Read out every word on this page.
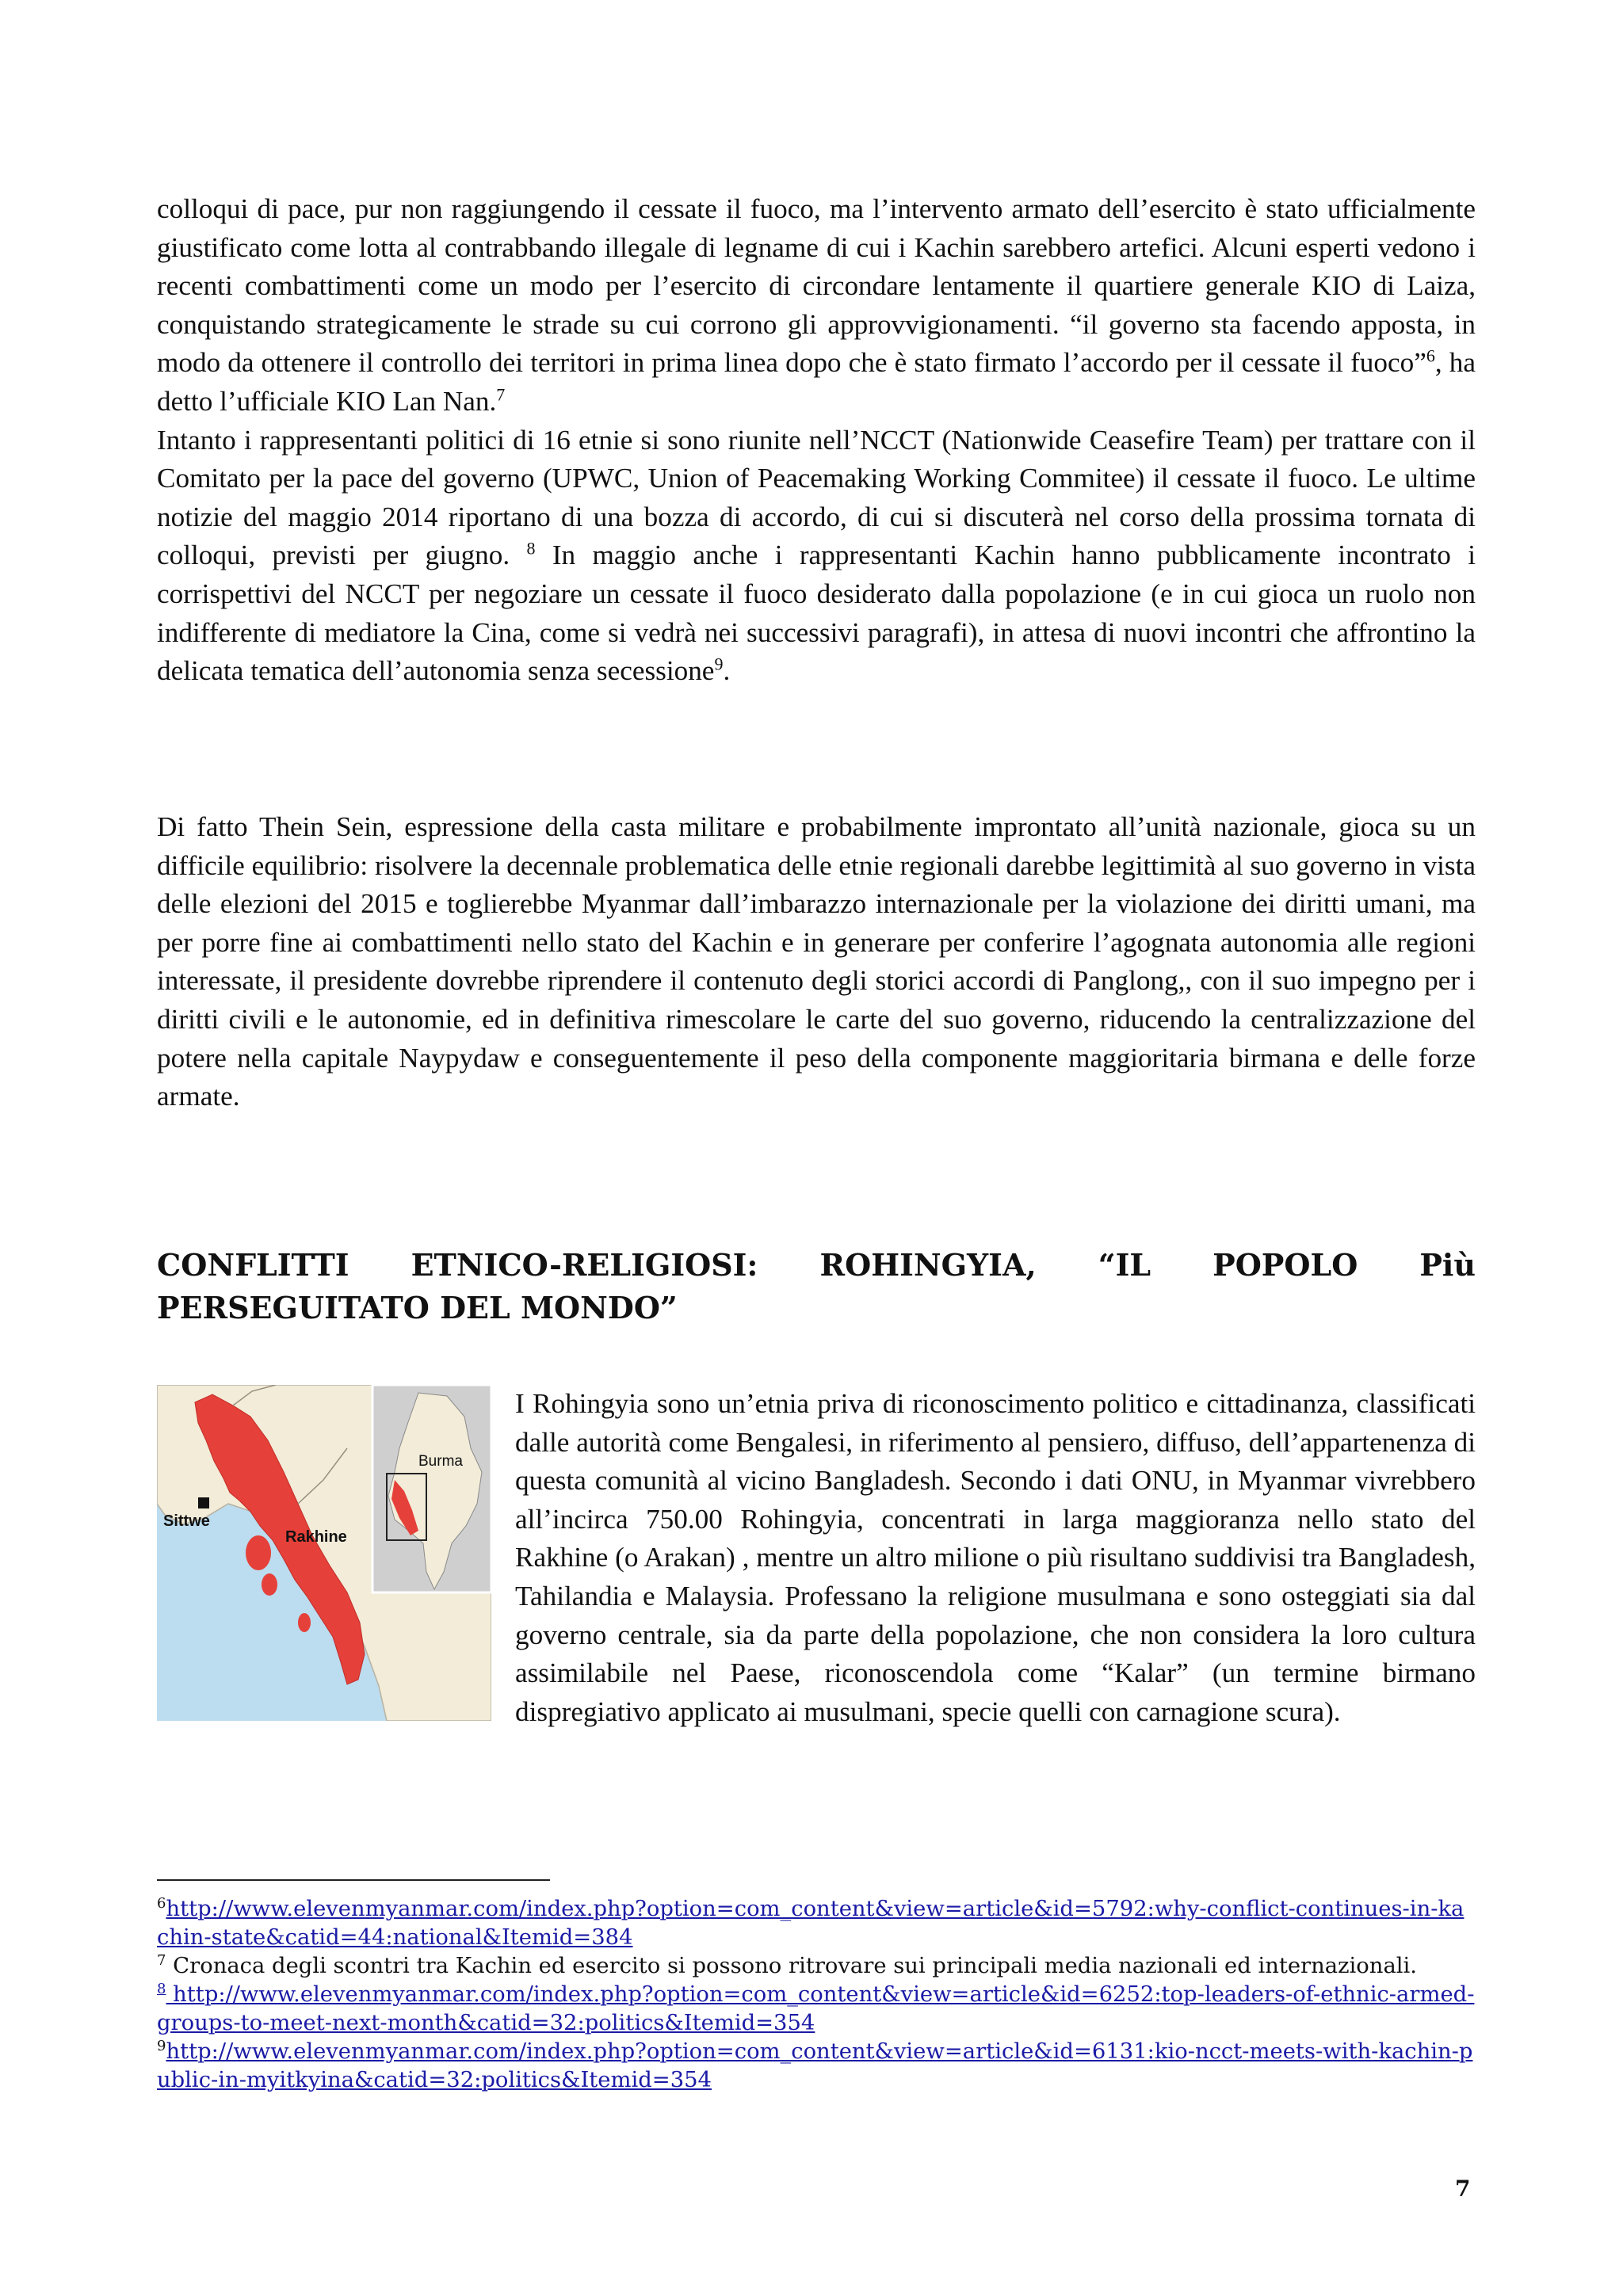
colloqui di pace, pur non raggiungendo il cessate il fuoco, ma l’intervento armato dell’esercito è stato ufficialmente giustificato come lotta al contrabbando illegale di legname di cui i Kachin sarebbero artefici. Alcuni esperti vedono i recenti combattimenti come un modo per l’esercito di circondare lentamente il quartiere generale KIO di Laiza, conquistando strategicamente le strade su cui corrono gli approvvigionamenti. “il governo sta facendo apposta, in modo da ottenere il controllo dei territori in prima linea dopo che è stato firmato l’accordo per il cessate il fuoco”$^6$, ha detto l’ufficiale KIO Lan Nan.$^7$
Intanto i rappresentanti politici di 16 etnie si sono riunite nell’NCCT (Nationwide Ceasefire Team) per trattare con il Comitato per la pace del governo (UPWC, Union of Peacemaking Working Commitee) il cessate il fuoco. Le ultime notizie del maggio 2014 riportano di una bozza di accordo, di cui si discuterà nel corso della prossima tornata di colloqui, previsti per giugno. $^8$ In maggio anche i rappresentanti Kachin hanno pubblicamente incontrato i corrispettivi del NCCT per negoziare un cessate il fuoco desiderato dalla popolazione (e in cui gioca un ruolo non indifferente di mediatore la Cina, come si vedrà nei successivi paragrafi), in attesa di nuovi incontri che affrontino la delicata tematica dell’autonomia senza secessione$^9$.

Di fatto Thein Sein, espressione della casta militare e probabilmente improntato all’unità nazionale, gioca su un difficile equilibrio: risolvere la decennale problematica delle etnie regionali darebbe legittimità al suo governo in vista delle elezioni del 2015 e toglierebbe Myanmar dall’imbarazzo internazionale per la violazione dei diritti umani, ma per porre fine ai combattimenti nello stato del Kachin e in generare per conferire l’agognata autonomia alle regioni interessate, il presidente dovrebbe riprendere il contenuto degli storici accordi di Panglong,, con il suo impegno per i diritti civili e le autonomie, ed in definitiva rimescolare le carte del suo governo, riducendo la centralizzazione del potere nella capitale Naypydaw e conseguentemente il peso della componente maggioritaria birmana e delle forze armate.

CONFLITTI ETNICO-RELIGIOSI: ROHINGYIA, “IL POPOLO Più PERSEGUITATO DEL MONDO”
Burma
Sittwe
Rakhine

I Rohingyia sono un’etnia priva di riconoscimento politico e cittadinanza, classificati dalle autorità come Bengalesi, in riferimento al pensiero, diffuso, dell’appartenenza di questa comunità al vicino Bangladesh. Secondo i dati ONU, in Myanmar vivrebbero all’incirca 750.00 Rohingyia, concentrati in larga maggioranza nello stato del Rakhine (o Arakan) , mentre un altro milione o più risultano suddivisi tra Bangladesh, Tahilandia e Malaysia. Professano la religione musulmana e sono osteggiati sia dal governo centrale, sia da parte della popolazione, che non considera la loro cultura assimilabile nel Paese, riconoscendola come “Kalar” (un termine birmano dispregiativo applicato ai musulmani, specie quelli con carnagione scura).

$^6$http://www.elevenmyanmar.com/index.php?option=com_content&view=article&id=5792:why-conflict-continues-in-kachin-state&catid=44:national&Itemid=384

$^7$ Cronaca degli scontri tra Kachin ed esercito si possono ritrovare sui principali media nazionali ed internazionali.

$^8$ http://www.elevenmyanmar.com/index.php?option=com_content&view=article&id=6252:top-leaders-of-ethnic-armed-groups-to-meet-next-month&catid=32:politics&Itemid=354

$^9$http://www.elevenmyanmar.com/index.php?option=com_content&view=article&id=6131:kio-ncct-meets-with-kachin-public-in-myitkyina&catid=32:politics&Itemid=354

7
